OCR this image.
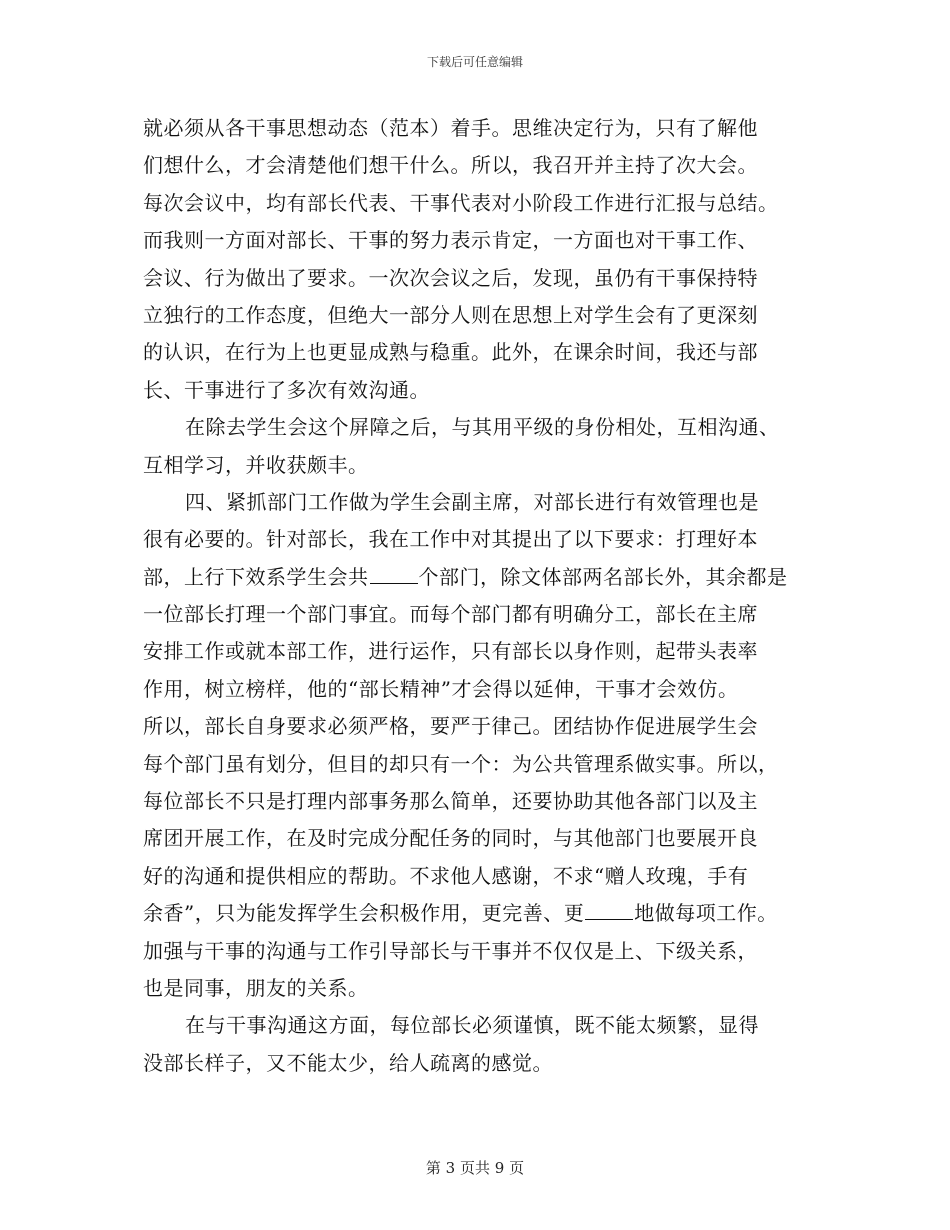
下载后可任意编辑
就必须从各干事思想动态（范本）着手。思维决定行为，只有了解他
们想什么，才会清楚他们想干什么。所以，我召开并主持了次大会。
每次会议中，均有部长代表、干事代表对小阶段工作进行汇报与总结。
而我则一方面对部长、干事的努力表示肯定，一方面也对干事工作、
会议、行为做出了要求。一次次会议之后，发现，虽仍有干事保持特
立独行的工作态度，但绝大一部分人则在思想上对学生会有了更深刻
的认识，在行为上也更显成熟与稳重。此外，在课余时间，我还与部
长、干事进行了多次有效沟通。
在除去学生会这个屏障之后，与其用平级的身份相处，互相沟通、
互相学习，并收获颇丰。
四、紧抓部门工作做为学生会副主席，对部长进行有效管理也是
很有必要的。针对部长，我在工作中对其提出了以下要求：打理好本
部，上行下效系学生会共	个部门，除文体部两名部长外，其余都是
一位部长打理一个部门事宜。而每个部门都有明确分工，部长在主席
安排工作或就本部工作，进行运作，只有部长以身作则，起带头表率
作用，树立榜样，他的“部长精神”才会得以延伸，干事才会效仿。
所以，部长自身要求必须严格，要严于律己。团结协作促进展学生会
每个部门虽有划分，但目的却只有一个：为公共管理系做实事。所以，
每位部长不只是打理内部事务那么简单，还要协助其他各部门以及主
席团开展工作，在及时完成分配任务的同时，与其他部门也要展开良
好的沟通和提供相应的帮助。不求他人感谢，不求“赠人玫瑰，手有
余香”，只为能发挥学生会积极作用，更完善、更	地做每项工作。
加强与干事的沟通与工作引导部长与干事并不仅仅是上、下级关系，
也是同事，朋友的关系。
在与干事沟通这方面，每位部长必须谨慎，既不能太频繁，显得
没部长样子，又不能太少，给人疏离的感觉。
第 3 页共 9 页
